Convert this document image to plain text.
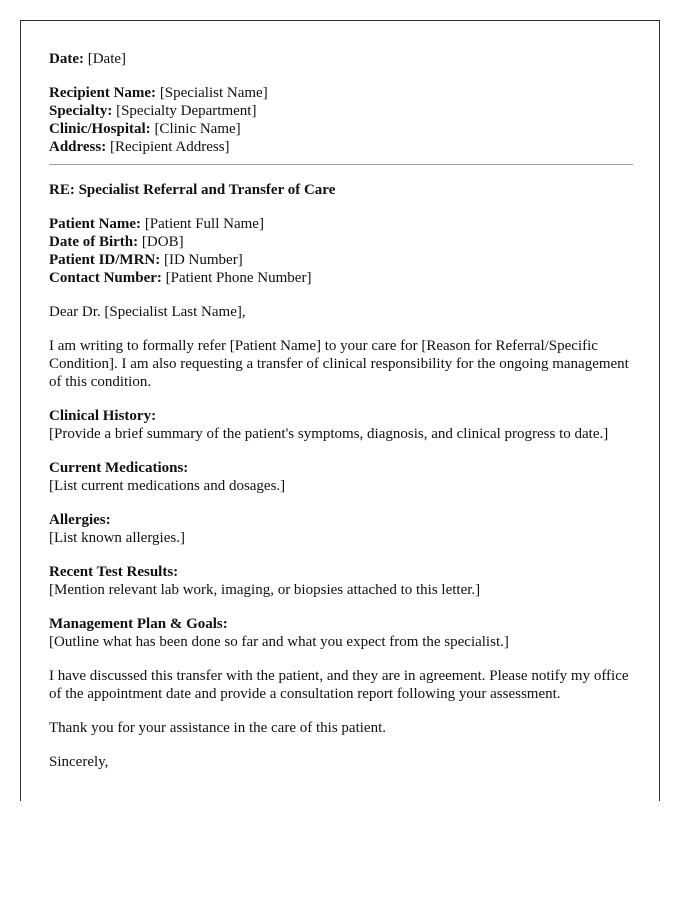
Date: [Date]
Recipient Name: [Specialist Name]
Specialty: [Specialty Department]
Clinic/Hospital: [Clinic Name]
Address: [Recipient Address]
RE: Specialist Referral and Transfer of Care
Patient Name: [Patient Full Name]
Date of Birth: [DOB]
Patient ID/MRN: [ID Number]
Contact Number: [Patient Phone Number]

Dear Dr. [Specialist Last Name],

I am writing to formally refer [Patient Name] to your care for [Reason for Referral/Specific Condition]. I am also requesting a transfer of clinical responsibility for the ongoing management of this condition.

Clinical History:
[Provide a brief summary of the patient's symptoms, diagnosis, and clinical progress to date.]
Current Medications:
[List current medications and dosages.]
Allergies:
[List known allergies.]
Recent Test Results:
[Mention relevant lab work, imaging, or biopsies attached to this letter.]
Management Plan & Goals:
[Outline what has been done so far and what you expect from the specialist.]

I have discussed this transfer with the patient, and they are in agreement. Please notify my office of the appointment date and provide a consultation report following your assessment.

Thank you for your assistance in the care of this patient.

Sincerely,
